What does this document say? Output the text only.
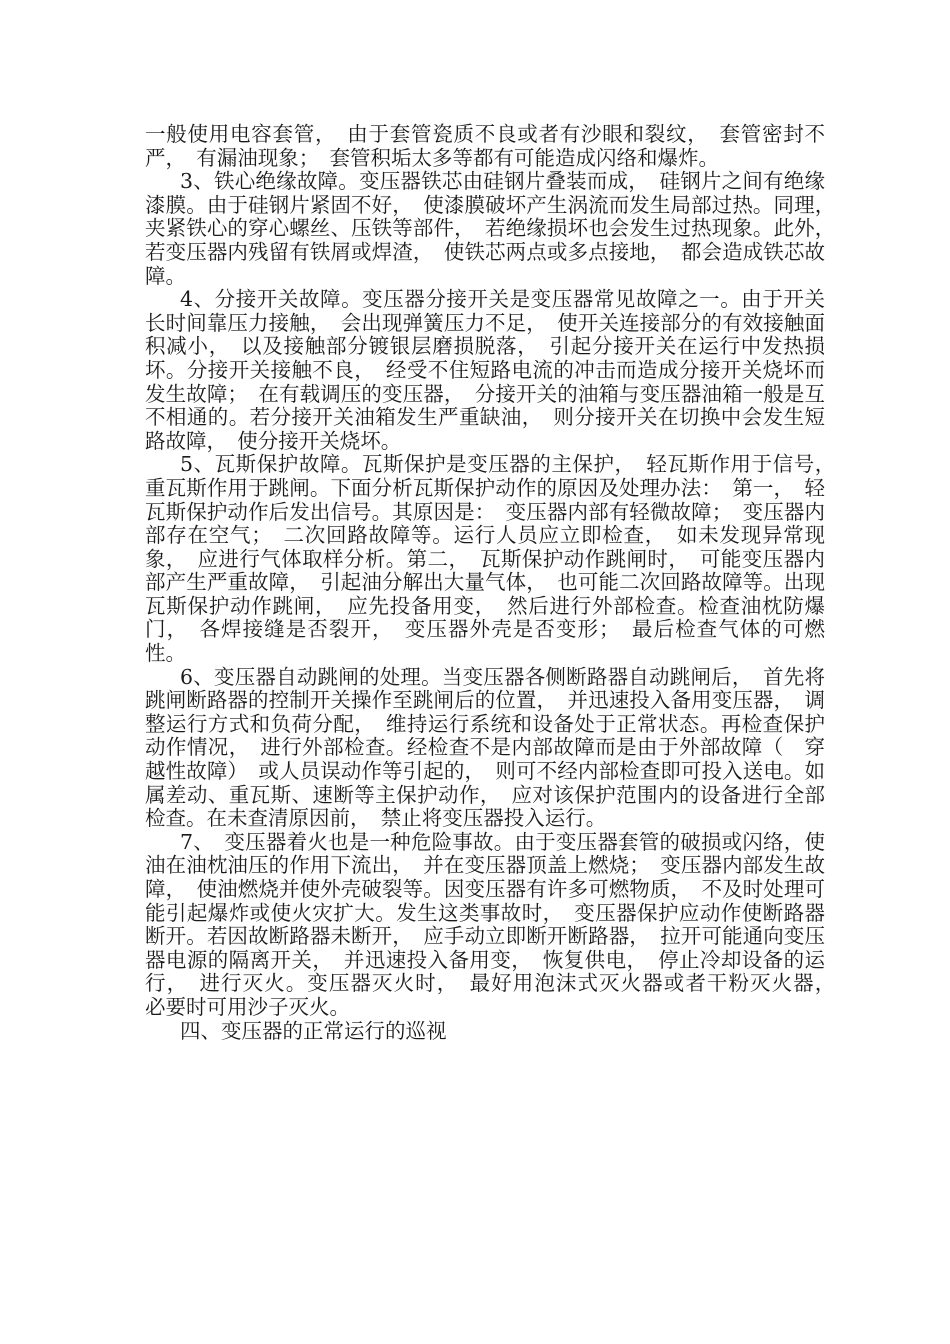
一般使用电容套管，　由于套管瓷质不良或者有沙眼和裂纹，　套管密封不严，　有漏油现象；　套管积垢太多等都有可能造成闪络和爆炸。

3、铁心绝缘故障。变压器铁芯由硅钢片叠装而成，　硅钢片之间有绝缘漆膜。由于硅钢片紧固不好，　使漆膜破坏产生涡流而发生局部过热。同理，　夹紧铁心的穿心螺丝、压铁等部件，　若绝缘损坏也会发生过热现象。此外，　若变压器内残留有铁屑或焊渣，　使铁芯两点或多点接地，　都会造成铁芯故障。

4、分接开关故障。变压器分接开关是变压器常见故障之一。由于开关长时间靠压力接触，　会出现弹簧压力不足，　使开关连接部分的有效接触面积减小，　以及接触部分镀银层磨损脱落，　引起分接开关在运行中发热损坏。分接开关接触不良，　经受不住短路电流的冲击而造成分接开关烧坏而发生故障；　在有载调压的变压器，　分接开关的油箱与变压器油箱一般是互不相通的。若分接开关油箱发生严重缺油，　则分接开关在切换中会发生短路故障，　使分接开关烧坏。

5、瓦斯保护故障。瓦斯保护是变压器的主保护，　轻瓦斯作用于信号，　重瓦斯作用于跳闸。下面分析瓦斯保护动作的原因及处理办法：　第一，　轻瓦斯保护动作后发出信号。其原因是：　变压器内部有轻微故障；　变压器内部存在空气；　二次回路故障等。运行人员应立即检查，　如未发现异常现象，　应进行气体取样分析。第二，　瓦斯保护动作跳闸时，　可能变压器内部产生严重故障，　引起油分解出大量气体，　也可能二次回路故障等。出现瓦斯保护动作跳闸，　应先投备用变，　然后进行外部检查。检查油枕防爆门，　各焊接缝是否裂开，　变压器外壳是否变形；　最后检查气体的可燃性。

6、变压器自动跳闸的处理。当变压器各侧断路器自动跳闸后，　首先将跳闸断路器的控制开关操作至跳闸后的位置，　并迅速投入备用变压器，　调整运行方式和负荷分配，　维持运行系统和设备处于正常状态。再检查保护动作情况，　进行外部检查。经检查不是内部故障而是由于外部故障（　穿越性故障）　或人员误动作等引起的，　则可不经内部检查即可投入送电。如属差动、重瓦斯、速断等主保护动作，　应对该保护范围内的设备进行全部检查。在未查清原因前，　禁止将变压器投入运行。

7、　变压器着火也是一种危险事故。由于变压器套管的破损或闪络，使油在油枕油压的作用下流出，　并在变压器顶盖上燃烧；　变压器内部发生故障，　使油燃烧并使外壳破裂等。因变压器有许多可燃物质，　不及时处理可能引起爆炸或使火灾扩大。发生这类事故时，　变压器保护应动作使断路器断开。若因故断路器未断开，　应手动立即断开断路器，　拉开可能通向变压器电源的隔离开关，　并迅速投入备用变，　恢复供电，　停止冷却设备的运行，　进行灭火。变压器灭火时，　最好用泡沫式灭火器或者干粉灭火器，　必要时可用沙子灭火。

四、变压器的正常运行的巡视
